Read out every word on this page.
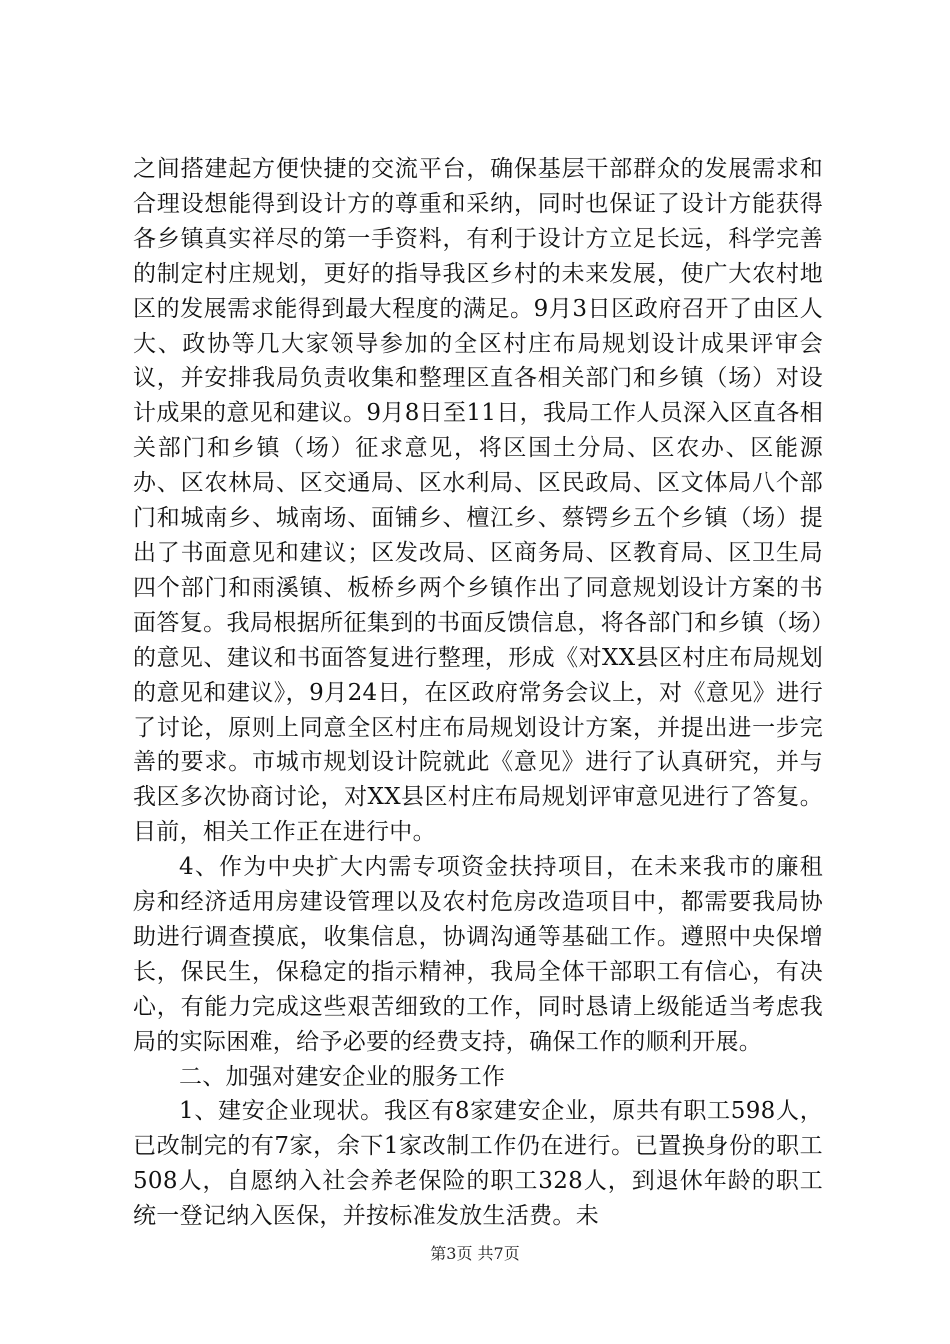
之间搭建起方便快捷的交流平台，确保基层干部群众的发展需求和合理设想能得到设计方的尊重和采纳，同时也保证了设计方能获得各乡镇真实祥尽的第一手资料，有利于设计方立足长远，科学完善的制定村庄规划，更好的指导我区乡村的未来发展，使广大农村地区的发展需求能得到最大程度的满足。9月3日区政府召开了由区人大、政协等几大家领导参加的全区村庄布局规划设计成果评审会议，并安排我局负责收集和整理区直各相关部门和乡镇（场）对设计成果的意见和建议。9月8日至11日，我局工作人员深入区直各相关部门和乡镇（场）征求意见，将区国土分局、区农办、区能源办、区农林局、区交通局、区水利局、区民政局、区文体局八个部门和城南乡、城南场、面铺乡、檀江乡、蔡锷乡五个乡镇（场）提出了书面意见和建议；区发改局、区商务局、区教育局、区卫生局四个部门和雨溪镇、板桥乡两个乡镇作出了同意规划设计方案的书面答复。我局根据所征集到的书面反馈信息，将各部门和乡镇（场）的意见、建议和书面答复进行整理，形成《对XX县区村庄布局规划的意见和建议》，9月24日，在区政府常务会议上，对《意见》进行了讨论，原则上同意全区村庄布局规划设计方案，并提出进一步完善的要求。市城市规划设计院就此《意见》进行了认真研究，并与我区多次协商讨论，对XX县区村庄布局规划评审意见进行了答复。目前，相关工作正在进行中。

4、作为中央扩大内需专项资金扶持项目，在未来我市的廉租房和经济适用房建设管理以及农村危房改造项目中，都需要我局协助进行调查摸底，收集信息，协调沟通等基础工作。遵照中央保增长，保民生，保稳定的指示精神，我局全体干部职工有信心，有决心，有能力完成这些艰苦细致的工作，同时恳请上级能适当考虑我局的实际困难，给予必要的经费支持，确保工作的顺利开展。

二、加强对建安企业的服务工作

1、建安企业现状。我区有8家建安企业，原共有职工598人，已改制完的有7家，余下1家改制工作仍在进行。已置换身份的职工508人，自愿纳入社会养老保险的职工328人，到退休年龄的职工统一登记纳入医保，并按标准发放生活费。未

第3页 共7页
